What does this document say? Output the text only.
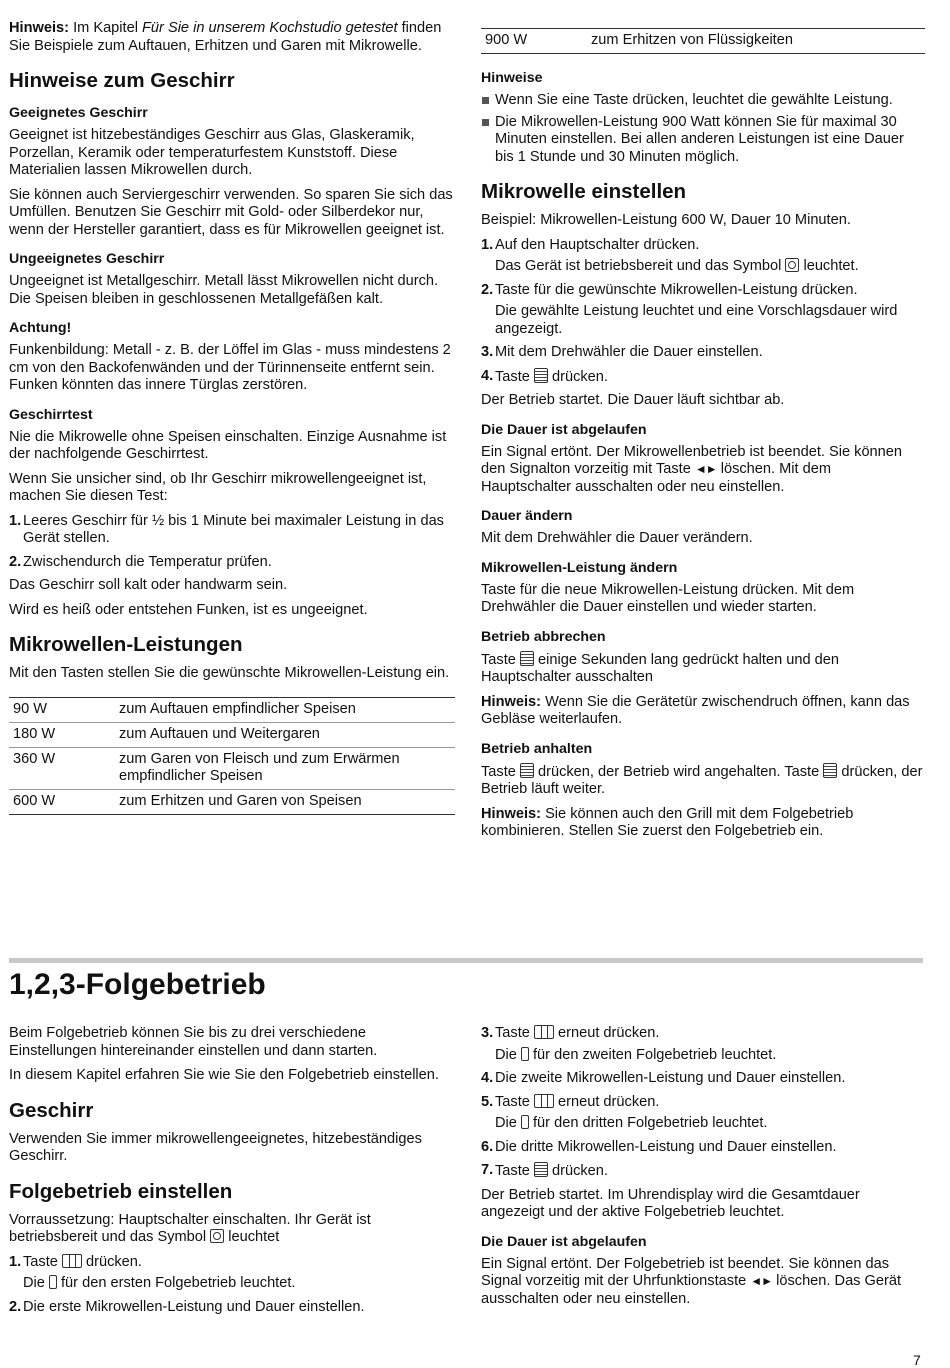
Hinweis: Im Kapitel Für Sie in unserem Kochstudio getestet finden Sie Beispiele zum Auftauen, Erhitzen und Garen mit Mikrowelle.

Hinweise zum Geschirr
Geeignetes Geschirr

Geeignet ist hitzebeständiges Geschirr aus Glas, Glaskeramik, Porzellan, Keramik oder temperaturfestem Kunststoff. Diese Materialien lassen Mikrowellen durch.

Sie können auch Serviergeschirr verwenden. So sparen Sie sich das Umfüllen. Benutzen Sie Geschirr mit Gold- oder Silberdekor nur, wenn der Hersteller garantiert, dass es für Mikrowellen geeignet ist.

Ungeeignetes Geschirr

Ungeeignet ist Metallgeschirr. Metall lässt Mikrowellen nicht durch. Die Speisen bleiben in geschlossenen Metallgefäßen kalt.

Achtung!

Funkenbildung: Metall - z. B. der Löffel im Glas - muss mindestens 2 cm von den Backofenwänden und der Türinnenseite entfernt sein. Funken könnten das innere Türglas zerstören.

Geschirrtest

Nie die Mikrowelle ohne Speisen einschalten. Einzige Ausnahme ist der nachfolgende Geschirrtest.

Wenn Sie unsicher sind, ob Ihr Geschirr mikrowellengeeignet ist, machen Sie diesen Test:

1. Leeres Geschirr für ½ bis 1 Minute bei maximaler Leistung in das Gerät stellen.
2. Zwischendurch die Temperatur prüfen.

Das Geschirr soll kalt oder handwarm sein.

Wird es heiß oder entstehen Funken, ist es ungeeignet.

Mikrowellen-Leistungen

Mit den Tasten stellen Sie die gewünschte Mikrowellen-Leistung ein.

90 W	zum Auftauen empfindlicher Speisen
180 W	zum Auftauen und Weitergaren
360 W	zum Garen von Fleisch und zum Erwärmen empfindlicher Speisen
600 W	zum Erhitzen und Garen von Speisen
900 W	zum Erhitzen von Flüssigkeiten
Hinweise
Wenn Sie eine Taste drücken, leuchtet die gewählte Leistung.
Die Mikrowellen-Leistung 900 Watt können Sie für maximal 30 Minuten einstellen. Bei allen anderen Leistungen ist eine Dauer bis 1 Stunde und 30 Minuten möglich.
Mikrowelle einstellen

Beispiel: Mikrowellen-Leistung 600 W, Dauer 10 Minuten.

1. Auf den Hauptschalter drücken.
Das Gerät ist betriebsbereit und das Symbol  leuchtet.
2. Taste für die gewünschte Mikrowellen-Leistung drücken.
Die gewählte Leistung leuchtet und eine Vorschlagsdauer wird angezeigt.
3. Mit dem Drehwähler die Dauer einstellen.
4. Taste  drücken.

Der Betrieb startet. Die Dauer läuft sichtbar ab.

Die Dauer ist abgelaufen

Ein Signal ertönt. Der Mikrowellenbetrieb ist beendet. Sie können den Signalton vorzeitig mit Taste ◄► löschen. Mit dem Hauptschalter ausschalten oder neu einstellen.

Dauer ändern

Mit dem Drehwähler die Dauer verändern.

Mikrowellen-Leistung ändern

Taste für die neue Mikrowellen-Leistung drücken. Mit dem Drehwähler die Dauer einstellen und wieder starten.

Betrieb abbrechen

Taste  einige Sekunden lang gedrückt halten und den Hauptschalter ausschalten

Hinweis: Wenn Sie die Gerätetür zwischendruch öffnen, kann das Gebläse weiterlaufen.

Betrieb anhalten

Taste  drücken, der Betrieb wird angehalten. Taste  drücken, der Betrieb läuft weiter.

Hinweis: Sie können auch den Grill mit dem Folgebetrieb kombinieren. Stellen Sie zuerst den Folgebetrieb ein.

1,2,3-Folgebetrieb

Beim Folgebetrieb können Sie bis zu drei verschiedene Einstellungen hintereinander einstellen und dann starten.

In diesem Kapitel erfahren Sie wie Sie den Folgebetrieb einstellen.

Geschirr

Verwenden Sie immer mikrowellengeeignetes, hitzebeständiges Geschirr.

Folgebetrieb einstellen

Vorraussetzung: Hauptschalter einschalten. Ihr Gerät ist betriebsbereit und das Symbol  leuchtet

1. Taste  drücken.
Die  für den ersten Folgebetrieb leuchtet.
2. Die erste Mikrowellen-Leistung und Dauer einstellen.
3. Taste  erneut drücken.
Die  für den zweiten Folgebetrieb leuchtet.
4. Die zweite Mikrowellen-Leistung und Dauer einstellen.
5. Taste  erneut drücken.
Die  für den dritten Folgebetrieb leuchtet.
6. Die dritte Mikrowellen-Leistung und Dauer einstellen.
7. Taste  drücken.

Der Betrieb startet. Im Uhrendisplay wird die Gesamtdauer angezeigt und der aktive Folgebetrieb leuchtet.

Die Dauer ist abgelaufen

Ein Signal ertönt. Der Folgebetrieb ist beendet. Sie können das Signal vorzeitig mit der Uhrfunktionstaste ◄► löschen. Das Gerät ausschalten oder neu einstellen.

7
